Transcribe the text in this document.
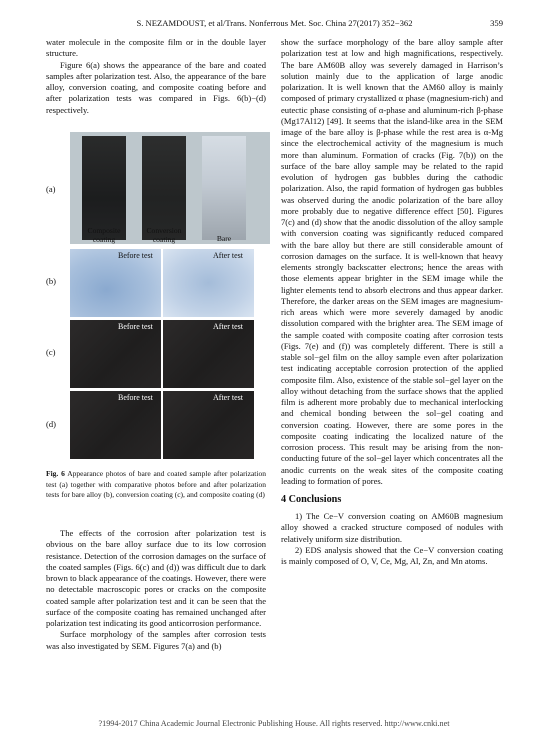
S. NEZAMDOUST, et al/Trans. Nonferrous Met. Soc. China 27(2017) 352−362	359

water molecule in the composite film or in the double layer structure.

Figure 6(a) shows the appearance of the bare and coated samples after polarization test. Also, the appearance of the bare alloy, conversion coating, and composite coating before and after polarization tests was compared in Figs. 6(b)−(d) respectively.

(a)
(b)
(c)
(d)
Composite
coating
Conversion
coating	Bare
Before test	After test
Before test	After test
Before test	After test
Fig. 6 Appearance photos of bare and coated sample after polarization test (a) together with comparative photos before and after polarization tests for bare alloy (b), conversion coating (c), and composite coating (d)

The effects of the corrosion after polarization test is obvious on the bare alloy surface due to its low corrosion resistance. Detection of the corrosion damages on the surface of the coated samples (Figs. 6(c) and (d)) was difficult due to dark brown to black appearance of the coatings. However, there were no detectable macroscopic pores or cracks on the composite coated sample after polarization test and it can be seen that the surface of the composite coating has remained unchanged after polarization test indicating its good anticorrosion performance.

Surface morphology of the samples after corrosion tests was also investigated by SEM. Figures 7(a) and (b)

show the surface morphology of the bare alloy sample after polarization test at low and high magnifications, respectively. The bare AM60B alloy was severely damaged in Harrison’s solution mainly due to the application of large anodic polarization. It is well known that the AM60 alloy is mainly composed of primary crystallized α phase (magnesium-rich) and eutectic phase consisting of α-phase and aluminum-rich β-phase (Mg17Al12) [49]. It seems that the island-like area in the SEM image of the bare alloy is β-phase while the rest area is α-Mg since the electrochemical activity of the magnesium is much more than aluminum. Formation of cracks (Fig. 7(b)) on the surface of the bare alloy sample may be related to the rapid evolution of hydrogen gas bubbles during the cathodic polarization. Also, the rapid formation of hydrogen gas bubbles was observed during the anodic polarization of the bare alloy more probably due to negative difference effect [50]. Figures 7(c) and (d) show that the anodic dissolution of the alloy sample with conversion coating was significantly reduced compared with the bare alloy but there are still considerable amount of corrosion damages on the surface. It is well-known that heavy elements strongly backscatter electrons; hence the areas with those elements appear brighter in the SEM image while the lighter elements tend to absorb electrons and thus appear darker. Therefore, the darker areas on the SEM images are magnesium-rich areas which were more severely damaged by anodic dissolution compared with the brighter area. The SEM image of the sample coated with composite coating after corrosion tests (Figs. 7(e) and (f)) was completely different. There is still a stable sol−gel film on the alloy sample even after polarization test indicating acceptable corrosion protection of the applied composite film. Also, existence of the stable sol−gel layer on the alloy without detaching from the surface shows that the applied film is adherent more probably due to mechanical interlocking and chemical bonding between the sol−gel coating and conversion coating. However, there are some pores in the composite coating indicating the localized nature of the corrosion process. This result may be arising from the non-conducting future of the sol−gel layer which concentrates all the anodic currents on the weak sites of the composite coating leading to formation of pores.

4 Conclusions

1) The Ce−V conversion coating on AM60B magnesium alloy showed a cracked structure composed of nodules with relatively uniform size distribution.

2) EDS analysis showed that the Ce−V conversion coating is mainly composed of O, V, Ce, Mg, Al, Zn, and Mn atoms.

?1994-2017 China Academic Journal Electronic Publishing House. All rights reserved. http://www.cnki.net
